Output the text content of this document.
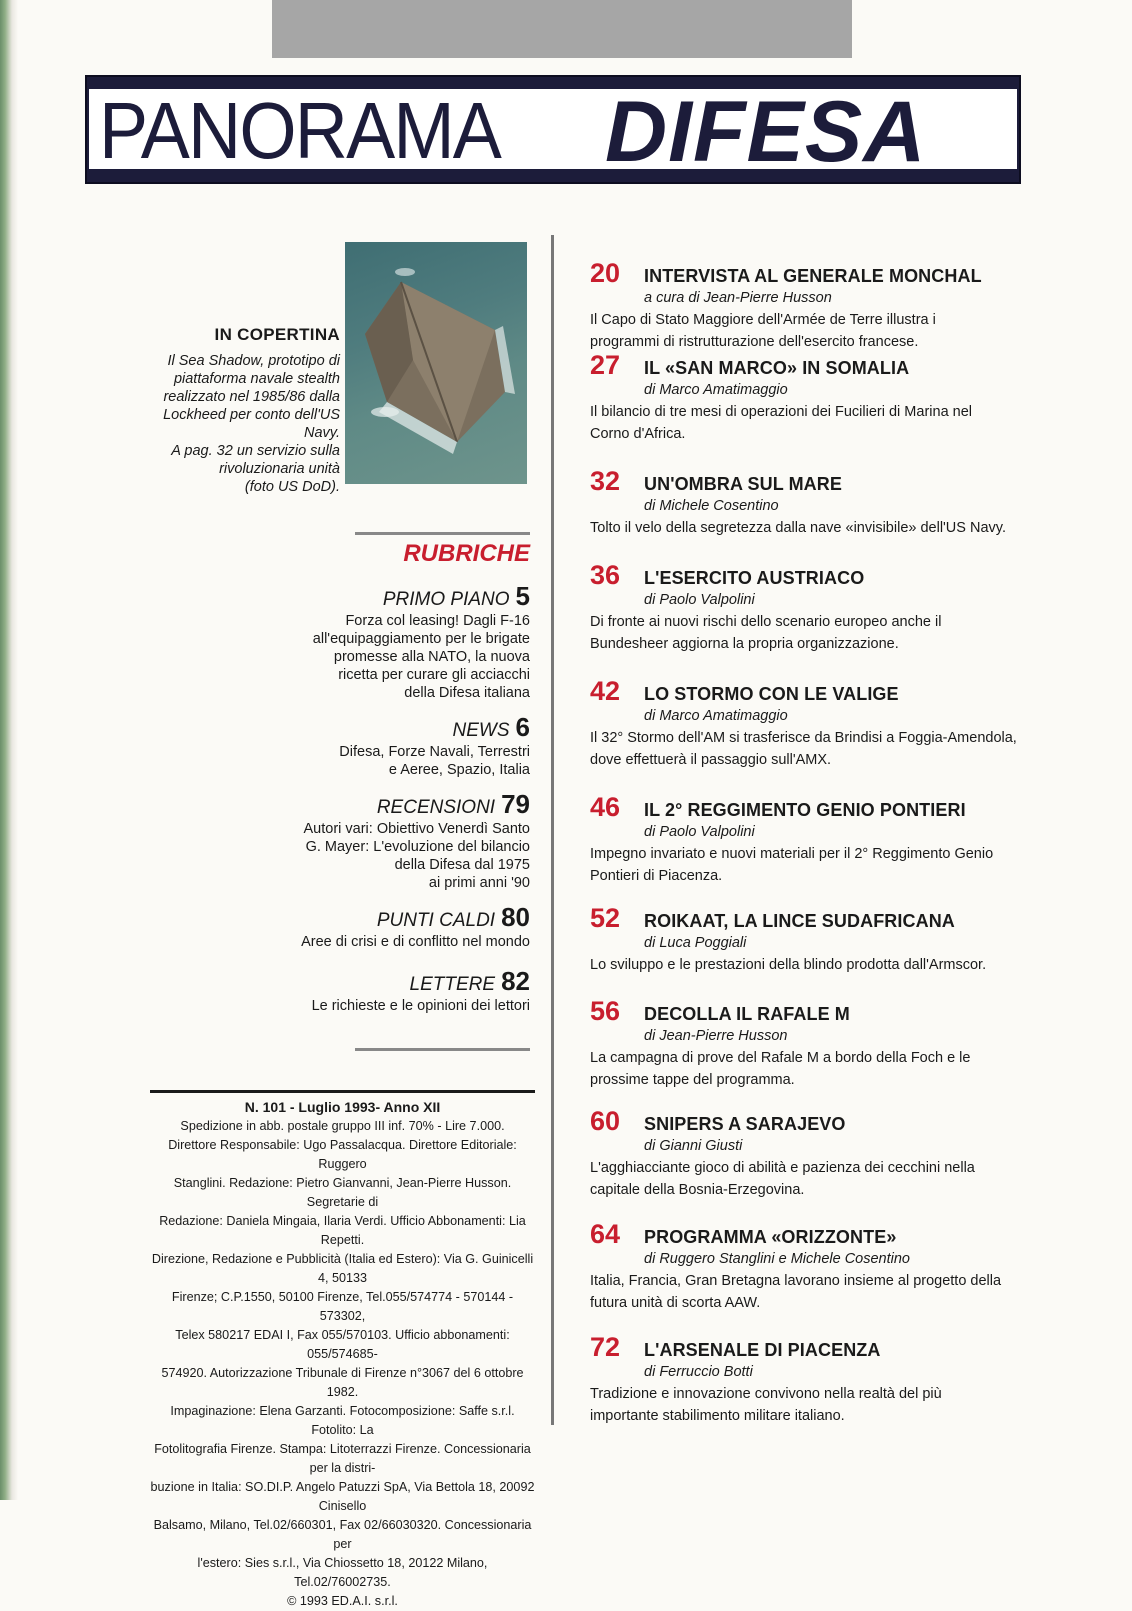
PANORAMA DIFESA
IN COPERTINA
Il Sea Shadow, prototipo di
piattaforma navale stealth
realizzato nel 1985/86 dalla
Lockheed per conto dell'US Navy.
A pag. 32 un servizio sulla
rivoluzionaria unità
(foto US DoD).
RUBRICHE
PRIMO PIANO 5
Forza col leasing! Dagli F-16
all'equipaggiamento per le brigate
promesse alla NATO, la nuova
ricetta per curare gli acciacchi
della Difesa italiana
NEWS 6
Difesa, Forze Navali, Terrestri
e Aeree, Spazio, Italia
RECENSIONI 79
Autori vari: Obiettivo Venerdì Santo
G. Mayer: L'evoluzione del bilancio
della Difesa dal 1975
ai primi anni '90
PUNTI CALDI 80
Aree di crisi e di conflitto nel mondo
LETTERE 82
Le richieste e le opinioni dei lettori
N. 101 - Luglio 1993- Anno XII
Spedizione in abb. postale gruppo III inf. 70% - Lire 7.000.
Direttore Responsabile: Ugo Passalacqua. Direttore Editoriale: Ruggero
Stanglini. Redazione: Pietro Gianvanni, Jean-Pierre Husson. Segretarie di
Redazione: Daniela Mingaia, Ilaria Verdi. Ufficio Abbonamenti: Lia Repetti.
Direzione, Redazione e Pubblicità (Italia ed Estero): Via G. Guinicelli 4, 50133
Firenze; C.P.1550, 50100 Firenze, Tel.055/574774 - 570144 - 573302,
Telex 580217 EDAI I, Fax 055/570103. Ufficio abbonamenti: 055/574685-
574920. Autorizzazione Tribunale di Firenze n°3067 del 6 ottobre 1982.
Impaginazione: Elena Garzanti. Fotocomposizione: Saffe s.r.l. Fotolito: La
Fotolitografia Firenze. Stampa: Litoterrazzi Firenze. Concessionaria per la distri-
buzione in Italia: SO.DI.P. Angelo Patuzzi SpA, Via Bettola 18, 20092 Cinisello
Balsamo, Milano, Tel.02/660301, Fax 02/66030320. Concessionaria per
l'estero: Sies s.r.l., Via Chiossetto 18, 20122 Milano, Tel.02/76002735.
© 1993 ED.A.I. s.r.l.
20 INTERVISTA AL GENERALE MONCHAL
a cura di Jean-Pierre Husson
Il Capo di Stato Maggiore dell'Armée de Terre illustra i
programmi di ristrutturazione dell'esercito francese.
27 IL «SAN MARCO» IN SOMALIA
di Marco Amatimaggio
Il bilancio di tre mesi di operazioni dei Fucilieri di Marina nel
Corno d'Africa.
32 UN'OMBRA SUL MARE
di Michele Cosentino
Tolto il velo della segretezza dalla nave «invisibile» dell'US Navy.
36 L'ESERCITO AUSTRIACO
di Paolo Valpolini
Di fronte ai nuovi rischi dello scenario europeo anche il
Bundesheer aggiorna la propria organizzazione.
42 LO STORMO CON LE VALIGE
di Marco Amatimaggio
Il 32° Stormo dell'AM si trasferisce da Brindisi a Foggia-Amendola,
dove effettuerà il passaggio sull'AMX.
46 IL 2° REGGIMENTO GENIO PONTIERI
di Paolo Valpolini
Impegno invariato e nuovi materiali per il 2° Reggimento Genio
Pontieri di Piacenza.
52 ROIKAAT, LA LINCE SUDAFRICANA
di Luca Poggiali
Lo sviluppo e le prestazioni della blindo prodotta dall'Armscor.
56 DECOLLA IL RAFALE M
di Jean-Pierre Husson
La campagna di prove del Rafale M a bordo della Foch e le
prossime tappe del programma.
60 SNIPERS A SARAJEVO
di Gianni Giusti
L'agghiacciante gioco di abilità e pazienza dei cecchini nella
capitale della Bosnia-Erzegovina.
64 PROGRAMMA «ORIZZONTE»
di Ruggero Stanglini e Michele Cosentino
Italia, Francia, Gran Bretagna lavorano insieme al progetto della
futura unità di scorta AAW.
72 L'ARSENALE DI PIACENZA
di Ferruccio Botti
Tradizione e innovazione convivono nella realtà del più
importante stabilimento militare italiano.
